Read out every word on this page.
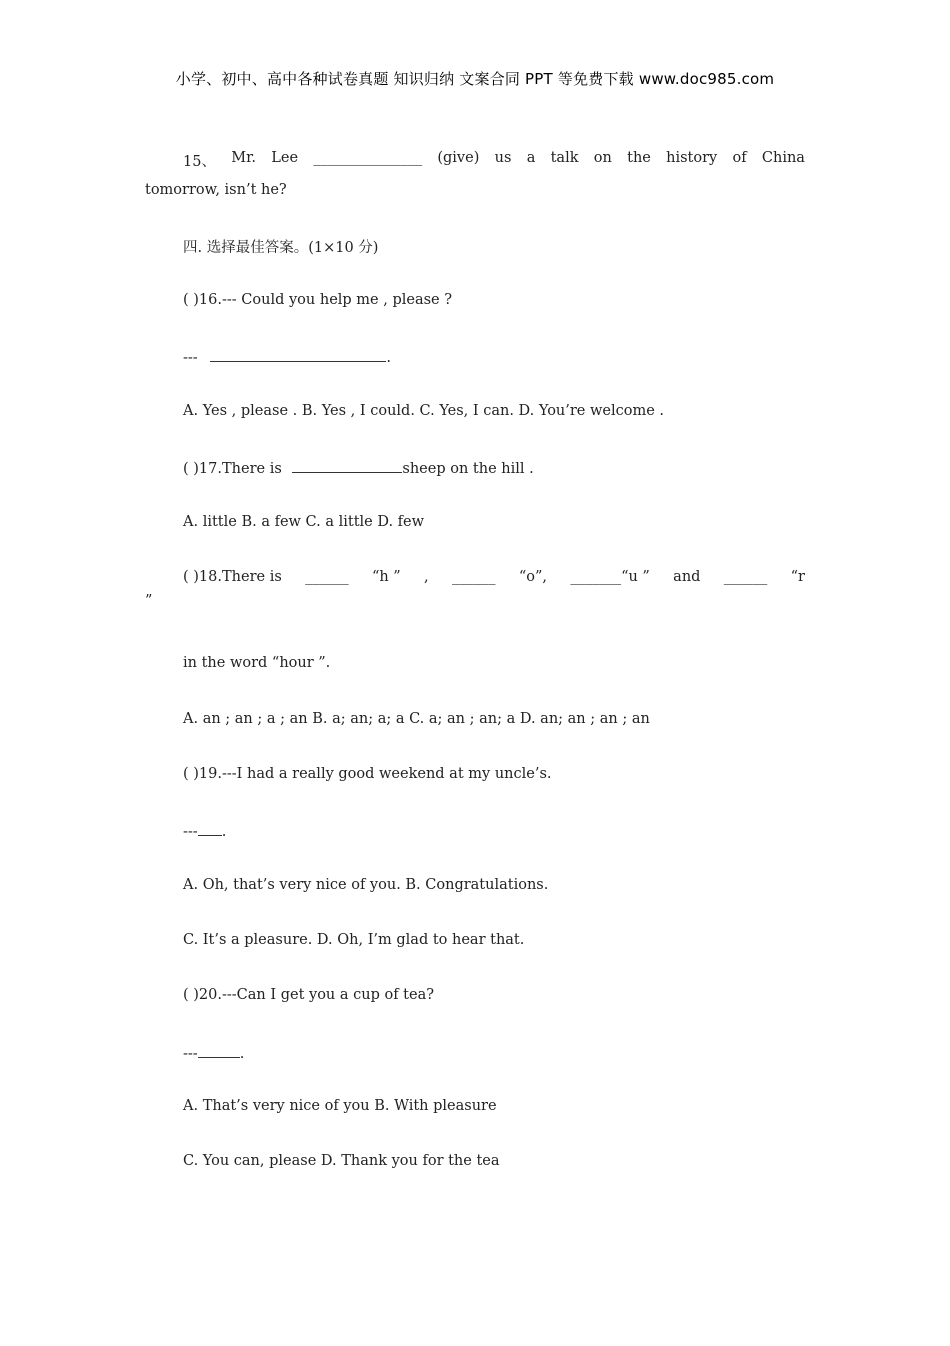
小学、初中、高中各种试卷真题 知识归纳 文案合同 PPT 等免费下载 www.doc985.com
15、 Mr. Lee _______________ (give) us a talk on the history of China
tomorrow, isn’t he?
四. 选择最佳答案。(1×10 分)
( )16.--- Could you help me , please ?
---	.
A. Yes , please . B. Yes , I could. C. Yes, I can. D. You’re welcome .
( )17.There is	sheep on the hill .
A. little B. a few C. a little D. few
( )18.There is ______ “h ” , ______ “o”, _______“u ” and ______ “r
”
in the word “hour ”.
A. an ; an ; a ; an B. a; an; a; a C. a; an ; an; a D. an; an ; an ; an
( )19.---I had a really good weekend at my uncle’s.
--- .
A. Oh, that’s very nice of you. B. Congratulations.
C. It’s a pleasure. D. Oh, I’m glad to hear that.
( )20.---Can I get you a cup of tea?
---	.
A. That’s very nice of you B. With pleasure
C. You can, please D. Thank you for the tea
